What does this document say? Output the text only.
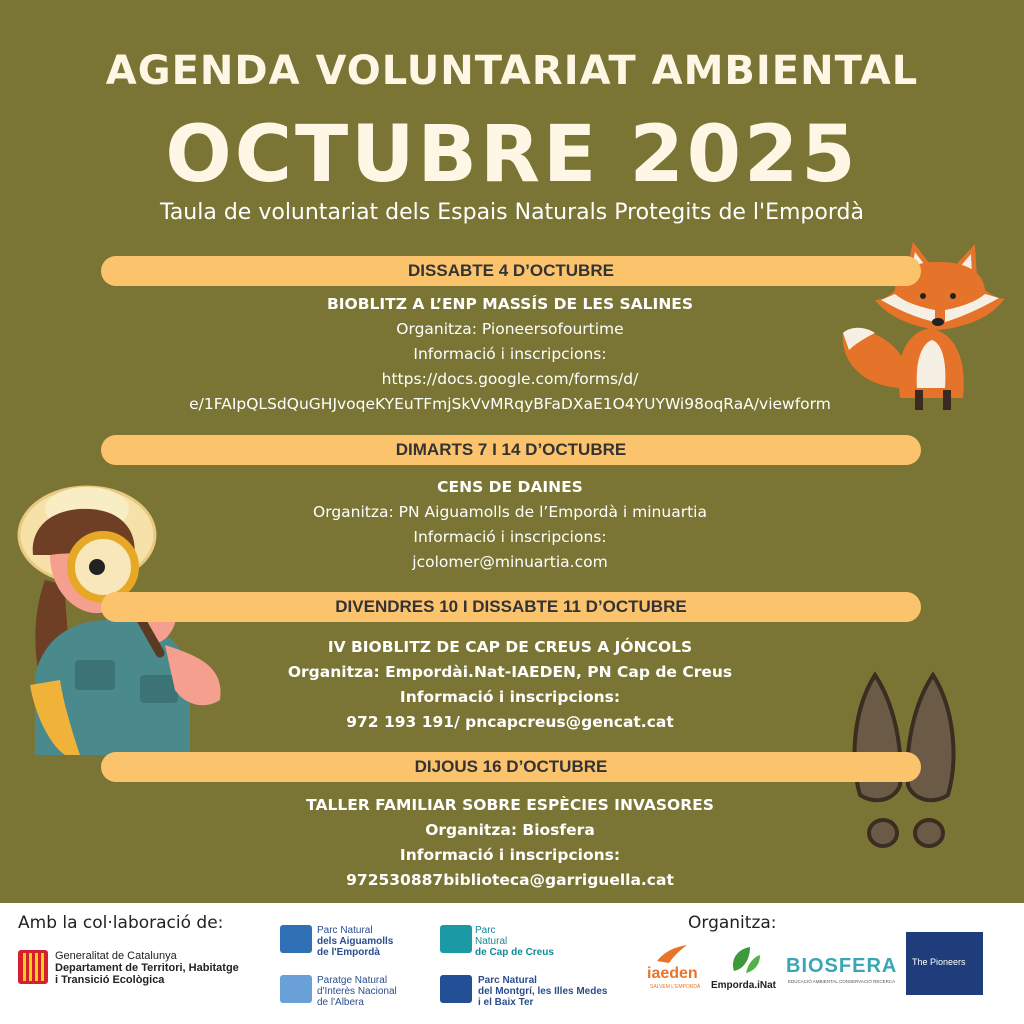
AGENDA VOLUNTARIAT AMBIENTAL
OCTUBRE 2025
Taula de voluntariat dels Espais Naturals Protegits de l'Empordà
DISSABTE 4 D’OCTUBRE
BIOBLITZ A L’ENP MASSÍS DE LES SALINES
Organitza: Pioneersofourtime
Informació i inscripcions:
https://docs.google.com/forms/d/
e/1FAIpQLSdQuGHJvoqeKYEuTFmjSkVvMRqyBFaDXaE1O4YUYWi98oqRaA/viewform
DIMARTS 7 I 14 D’OCTUBRE
CENS DE DAINES
Organitza: PN Aiguamolls de l’Empordà i minuartia
Informació i inscripcions:
jcolomer@minuartia.com
DIVENDRES 10 I DISSABTE 11 D’OCTUBRE
IV BIOBLITZ DE CAP DE CREUS A JÓNCOLS
Organitza: Empordài.Nat-IAEDEN, PN Cap de Creus
Informació i inscripcions:
972 193 191/ pncapcreus@gencat.cat
DIJOUS 16 D’OCTUBRE
TALLER FAMILIAR SOBRE ESPÈCIES INVASORES
Organitza: Biosfera
Informació i inscripcions:
972530887biblioteca@garriguella.cat
Amb la col·laboració de:	Organitza:
Generalitat de Catalunya
Departament de Territori, Habitatge
i Transició Ecològica
Parc Natural
dels Aiguamolls
de l'Empordà
Paratge Natural
d'Interès Nacional
de l'Albera
Parc
Natural
de Cap de Creus
Parc Natural
del Montgrí, les Illes Medes
i el Baix Ter
iaeden
SALVEM L'EMPORDÀ Emporda.iNat
BIOSFERA
EDUCACIÓ AMBIENTAL CONSERVACIÓ RECERCA
The Pioneers
